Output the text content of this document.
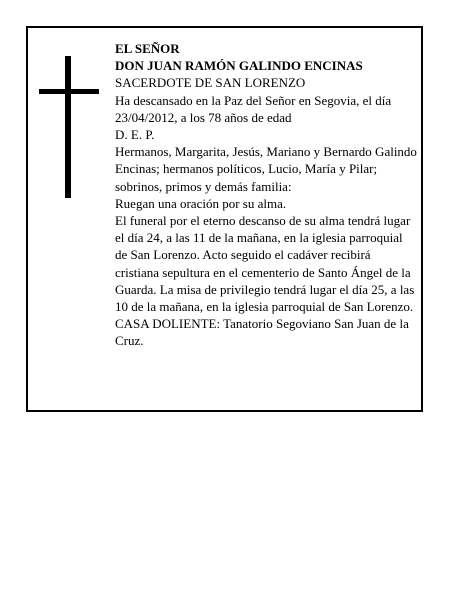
EL SEÑOR

DON JUAN RAMÓN GALINDO ENCINAS

SACERDOTE DE SAN LORENZO

Ha descansado en la Paz del Señor en Segovia, el día 23/04/2012, a los 78 años de edad

D. E. P.

Hermanos, Margarita, Jesús, Mariano y Bernardo Galindo Encinas; hermanos políticos, Lucio, María y Pilar; sobrinos, primos y demás familia:

Ruegan una oración por su alma.

El funeral por el eterno descanso de su alma tendrá lugar el día 24, a las 11 de la mañana, en la iglesia parroquial de San Lorenzo. Acto seguido el cadáver recibirá cristiana sepultura en el cementerio de Santo Ángel de la Guarda. La misa de privilegio tendrá lugar el día 25, a las 10 de la mañana, en la iglesia parroquial de San Lorenzo.

CASA DOLIENTE: Tanatorio Segoviano San Juan de la Cruz.
